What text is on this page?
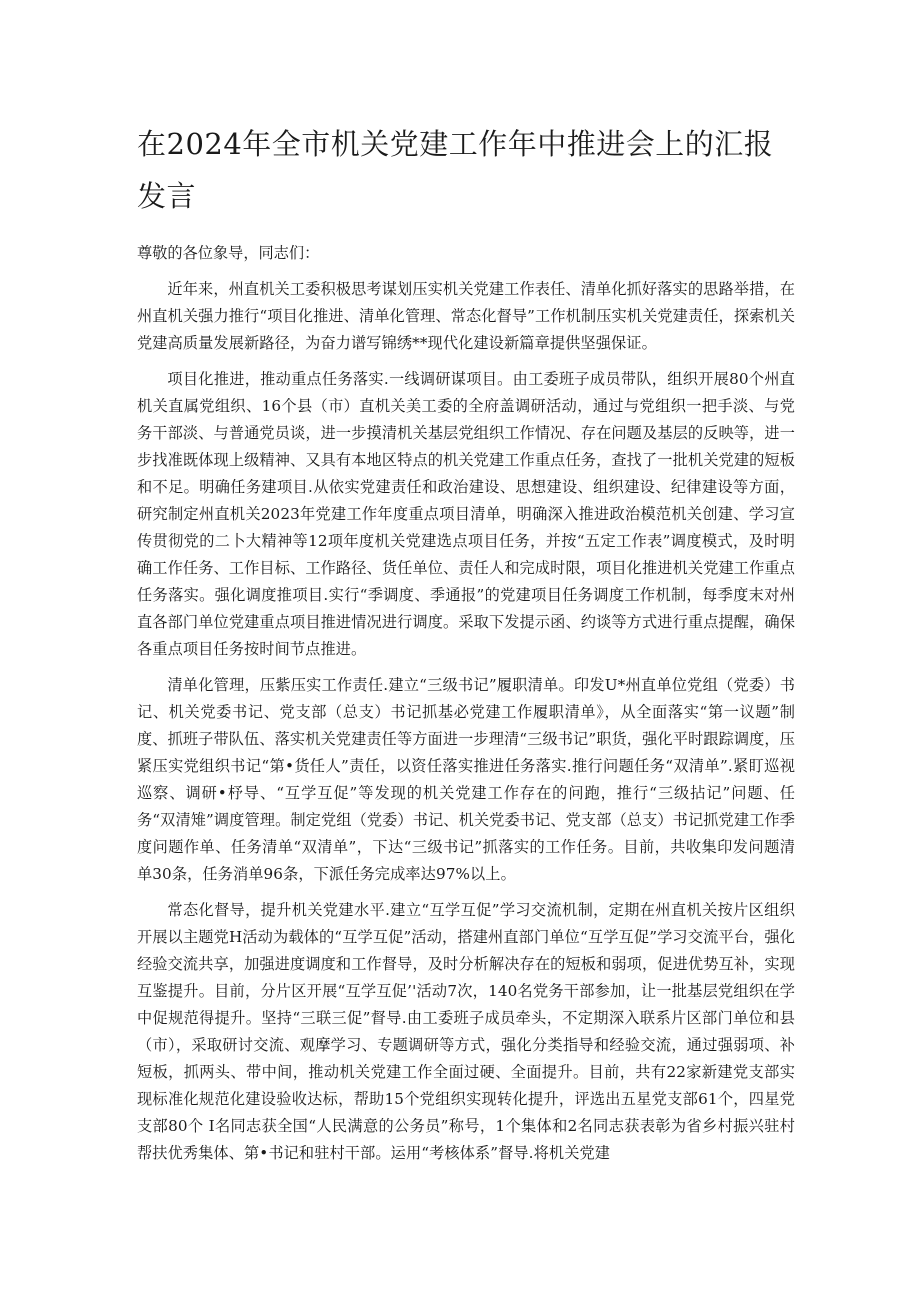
在2024年全市机关党建工作年中推进会上的汇报发言

尊敬的各位象导，同志们：

近年来，州直机关工委积极思考谋划压实机关党建工作表任、清单化抓好落实的思路举措，在州直机关强力推行“项目化推进、清单化管理、常态化督导”工作机制压实机关党建责任，探索机关党建高质量发展新路径，为奋力谱写锦绣**现代化建设新篇章提供坚强保证。

项目化推进，推动重点任务落实.一线调研谋项目。由工委班子成员带队，组织开展80个州直机关直属党组织、16个县（市）直机关美工委的全府盖调研活动，通过与党组织一把手淡、与党务干部淡、与普通党员谈，进一步摸清机关基层党组织工作情况、存在问题及基层的反映等，进一步找准既体现上级精神、又具有本地区特点的机关党建工作重点任务，查找了一批机关党建的短板和不足。明确任务建项目.从依实党建责任和政治建设、思想建设、组织建设、纪律建设等方面，研究制定州直机关2023年党建工作年度重点项目清单，明确深入推进政治模范机关创建、学习宣传贯彻党的二卜大精神等12项年度机关党建选点项目任务，并按“五定工作表”调度模式，及时明确工作任务、工作目标、工作路径、货任单位、责任人和完成时限，项目化推进机关党建工作重点任务落实。强化调度推项目.实行“季调度、季通报”的党建项目任务调度工作机制，每季度末对州直各部门单位党建重点项目推进情况进行调度。采取下发提示函、约谈等方式进行重点提醒，确保各重点项目任务按时间节点推进。

清单化管理，压紫压实工作责任.建立“三级书记”履职清单。印发U*州直单位党组（党委）书记、机关党委书记、党支部（总支）书记抓基必党建工作履职清单》，从全面落实“第一议题”制度、抓班子带队伍、落实机关党建责任等方面进一步理清“三级书记”职货，强化平时跟踪调度，压紧压实党组织书记“第•货任人”责任，以资任落实推进任务落实.推行问题任务“双清单”.紧盯巡视巡察、调研•杼导、“互学互促”等发现的机关党建工作存在的问跑，推行“三级拈记”问题、任务“双清雉”调度管理。制定党组（党委）书记、机关党委书记、党支部（总支）书记抓党建工作季度问题作单、任务清单“双清单”，下达“三级书记”抓落实的工作任务。目前，共收集印发问题清单30条，任务消单96条，下派任务完成率达97%以上。

常态化督导，提升机关党建水平.建立“互学互促”学习交流机制，定期在州直机关按片区组织开展以主题党H活动为载体的“互学互促”活动，搭建州直部门单位“互学互促”学习交流平台，强化经验交流共享，加强进度调度和工作督导，及时分析解决存在的短板和弱项，促进优势互补，实现互鉴提升。目前，分片区开展“互学互促’'活动7次，140名党务干部参加，让一批基层党组织在学中促规范得提升。坚持“三联三促”督导.由工委班子成员牵头，不定期深入联系片区部门单位和县（市），采取研讨交流、观摩学习、专题调研等方式，强化分类指导和经验交流，通过强弱项、补短板，抓两头、带中间，推动机关党建工作全面过硬、全面提升。目前，共有22家新建党支部实现标准化规范化建设验收达标，帮助15个党组织实现转化提升，评选出五星党支部61个，四星党支部80个 I名同志获全国“人民满意的公务员”称号，1个集体和2名同志获表彰为省乡村振兴驻村帮扶优秀集体、第•书记和驻村干部。运用“考核体系”督导.将机关党建
